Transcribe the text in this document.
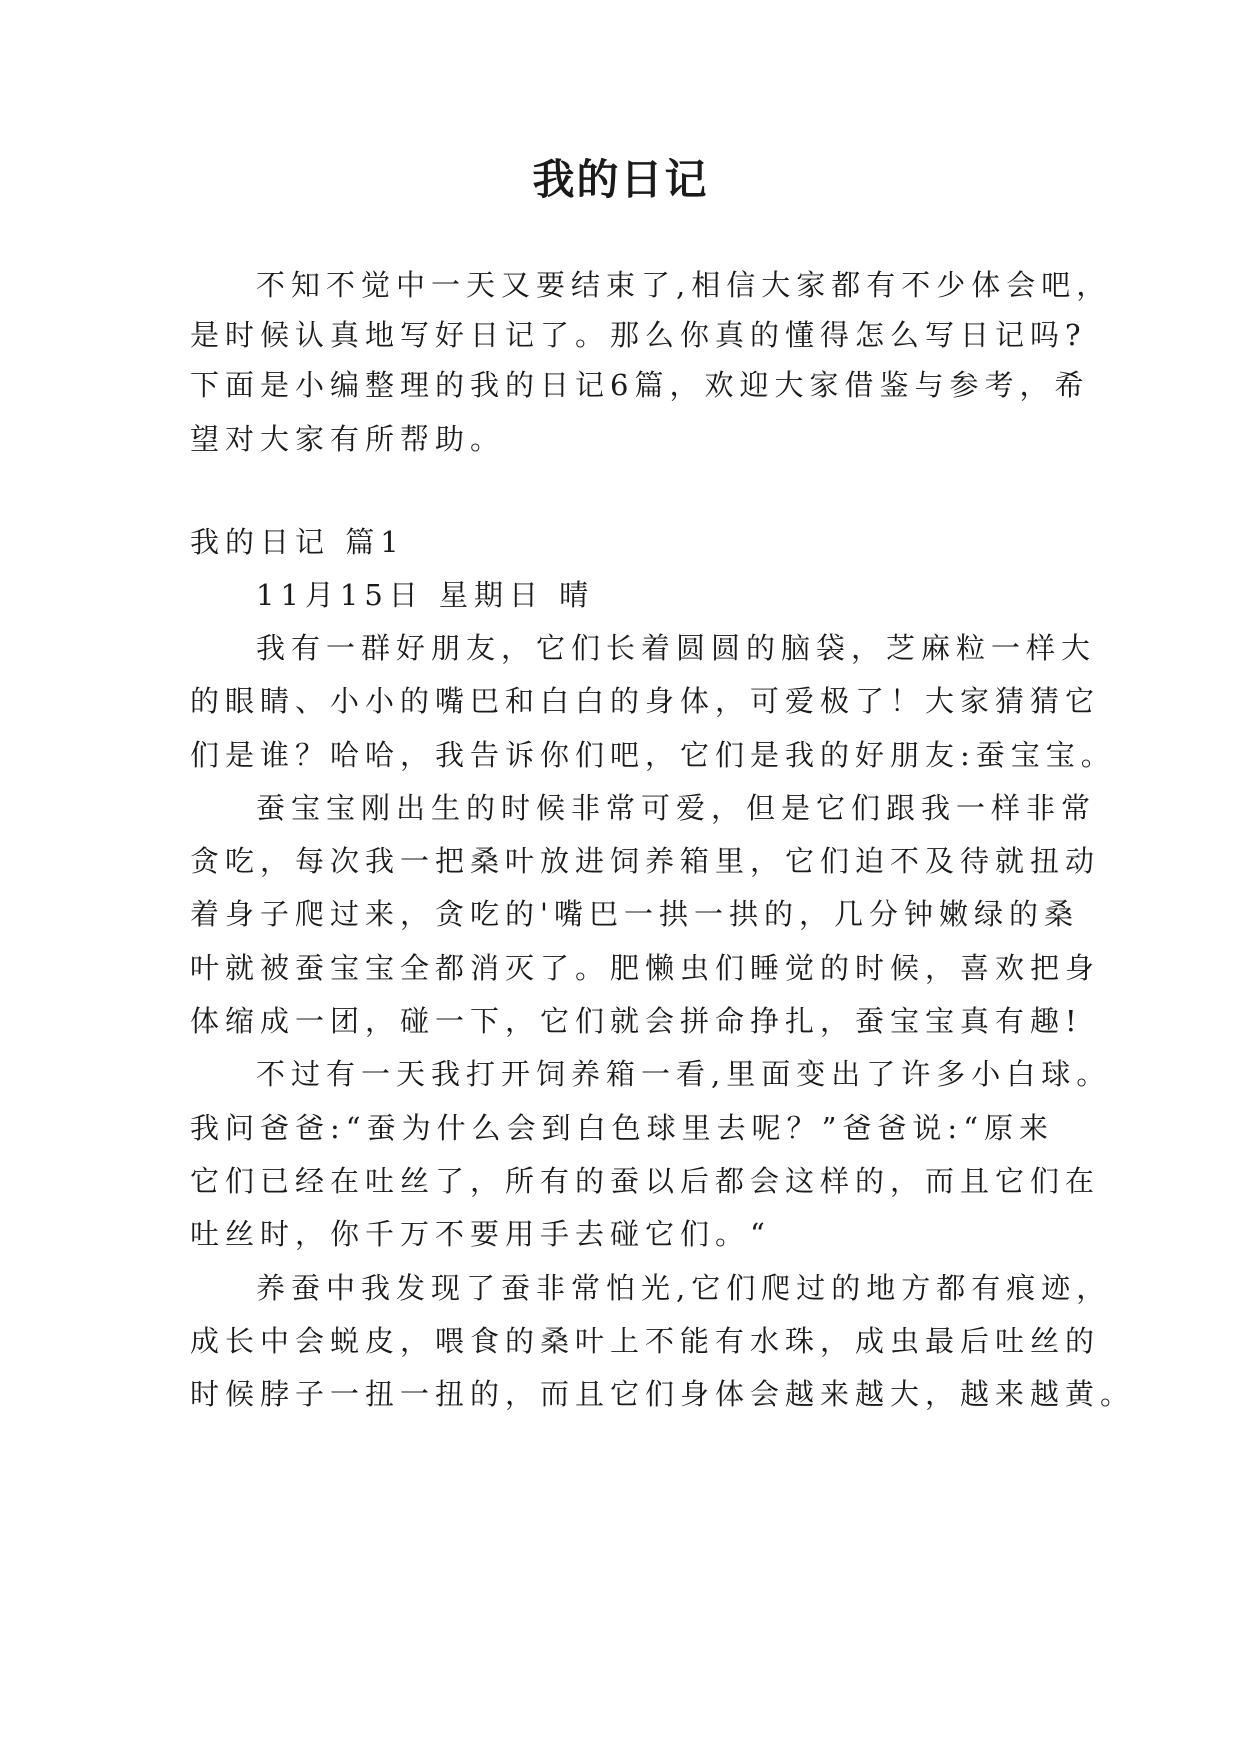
我的日记
不知不觉中一天又要结束了,相信大家都有不少体会吧，
是时候认真地写好日记了。那么你真的懂得怎么写日记吗?
下面是小编整理的我的日记6篇，欢迎大家借鉴与参考，希
望对大家有所帮助。
我的日记 篇1
11月15日 星期日 晴
我有一群好朋友，它们长着圆圆的脑袋，芝麻粒一样大
的眼睛、小小的嘴巴和白白的身体，可爱极了！大家猜猜它
们是谁？哈哈，我告诉你们吧，它们是我的好朋友:蚕宝宝。
蚕宝宝刚出生的时候非常可爱，但是它们跟我一样非常
贪吃，每次我一把桑叶放进饲养箱里，它们迫不及待就扭动
着身子爬过来，贪吃的'嘴巴一拱一拱的，几分钟嫩绿的桑
叶就被蚕宝宝全都消灭了。肥懒虫们睡觉的时候，喜欢把身
体缩成一团，碰一下，它们就会拼命挣扎，蚕宝宝真有趣!
不过有一天我打开饲养箱一看,里面变出了许多小白球。
我问爸爸:“蚕为什么会到白色球里去呢？”爸爸说:“原来
它们已经在吐丝了，所有的蚕以后都会这样的，而且它们在
吐丝时，你千万不要用手去碰它们。“
养蚕中我发现了蚕非常怕光,它们爬过的地方都有痕迹，
成长中会蜕皮，喂食的桑叶上不能有水珠，成虫最后吐丝的
时候脖子一扭一扭的，而且它们身体会越来越大，越来越黄。
